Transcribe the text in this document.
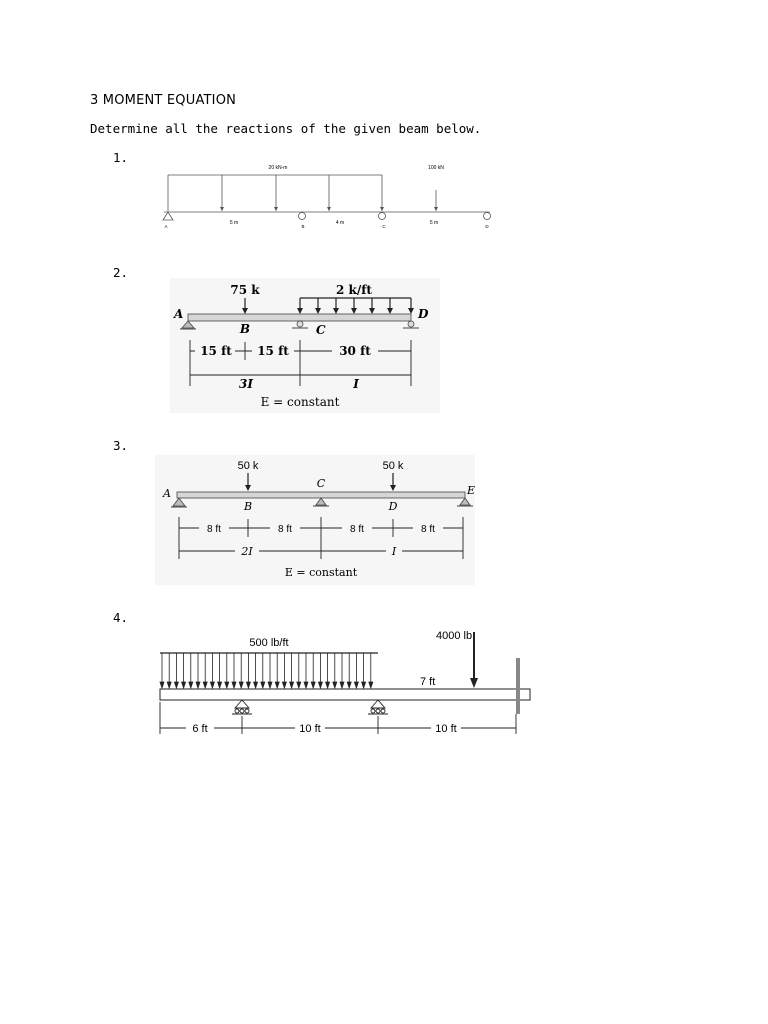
3 MOMENT EQUATION
Determine all the reactions of the given beam below.
1.
20 kN-m	100 kN
5 m	4 m	5 m
A	B	C	D
2.
75 k	2 k/ft
A
B	C
D
15 ft 15 ft	30 ft
3I	I
E = constant
3.
50 k	50 k
A
B
C
D
E
8 ft	8 ft	8 ft	8 ft
2I	I
E = constant
4.
500 lb/ft
4000 lb
7 ft
6 ft	10 ft	10 ft
